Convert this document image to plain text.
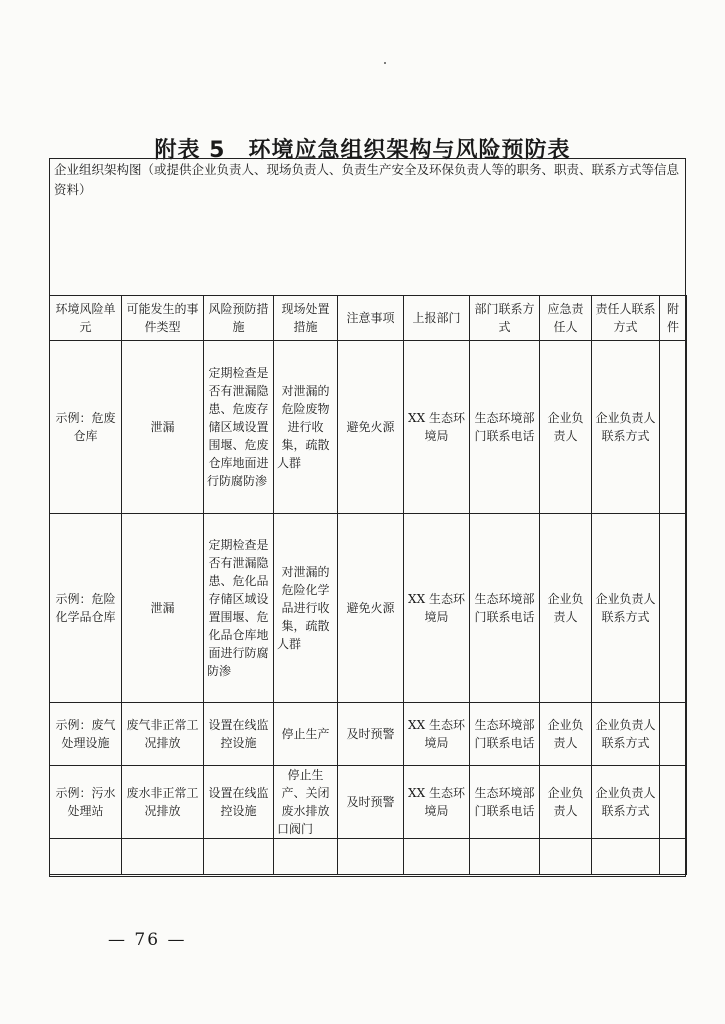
附表 5　环境应急组织架构与风险预防表
企业组织架构图（或提供企业负责人、现场负责人、负责生产安全及环保负责人等的职务、职责、联系方式等信息资料）
环境风险单元	可能发生的事件类型	风险预防措施	现场处置措施	注意事项	上报部门	部门联系方式	应急责任人	责任人联系方式	附件
示例：危废仓库	泄漏	定期检查是否有泄漏隐患、危废存储区域设置围堰、危废仓库地面进行防腐防渗	对泄漏的危险废物进行收集，疏散人群	避免火源	XX 生态环境局	生态环境部门联系电话	企业负责人	企业负责人联系方式	
示例：危险化学品仓库	泄漏	定期检查是否有泄漏隐患、危化品存储区域设置围堰、危化品仓库地面进行防腐防渗	对泄漏的危险化学品进行收集，疏散人群	避免火源	XX 生态环境局	生态环境部门联系电话	企业负责人	企业负责人联系方式	
示例：废气处理设施	废气非正常工况排放	设置在线监控设施	停止生产	及时预警	XX 生态环境局	生态环境部门联系电话	企业负责人	企业负责人联系方式	
示例：污水处理站	废水非正常工况排放	设置在线监控设施	停止生产、关闭废水排放口阀门	及时预警	XX 生态环境局	生态环境部门联系电话	企业负责人	企业负责人联系方式	

— 76 —
